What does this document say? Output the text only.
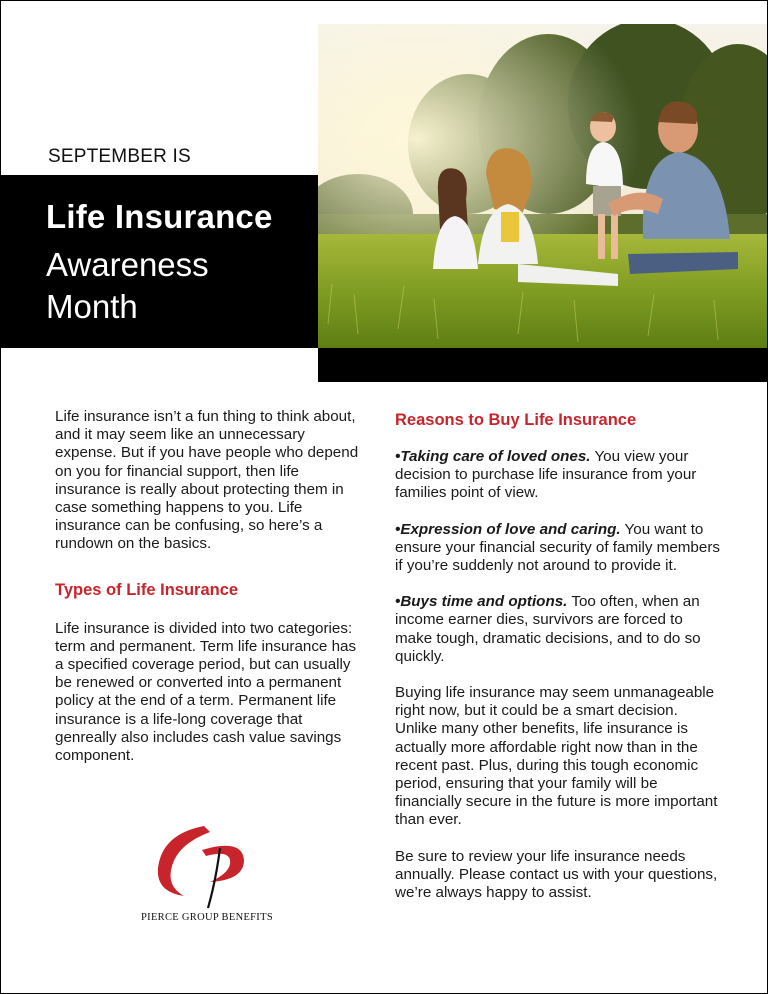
SEPTEMBER IS
Life Insurance
Awareness
Month

Life insurance isn’t a fun thing to think about, and it may seem like an unnecessary expense. But if you have people who depend on you for financial support, then life insurance is really about protecting them in case something happens to you. Life insurance can be confusing, so here’s a rundown on the basics.

Types of Life Insurance

Life insurance is divided into two categories: term and permanent. Term life insurance has a specified coverage period, but can usually be renewed or converted into a permanent policy at the end of a term. Permanent life insurance is a life-long coverage that genreally also includes cash value savings component.

Reasons to Buy Life Insurance

•Taking care of loved ones. You view your decision to purchase life insurance from your families point of view.

•Expression of love and caring. You want to ensure your financial security of family members if you’re suddenly not around to provide it.

•Buys time and options. Too often, when an income earner dies, survivors are forced to make tough, dramatic decisions, and to do so quickly.

Buying life insurance may seem unmanageable right now, but it could be a smart decision. Unlike many other benefits, life insurance is actually more affordable right now than in the recent past. Plus, during this tough economic period, ensuring that your family will be financially secure in the future is more important than ever.

Be sure to review your life insurance needs annually. Please contact us with your questions, we’re always happy to assist.

PIERCE GROUP BENEFITS
